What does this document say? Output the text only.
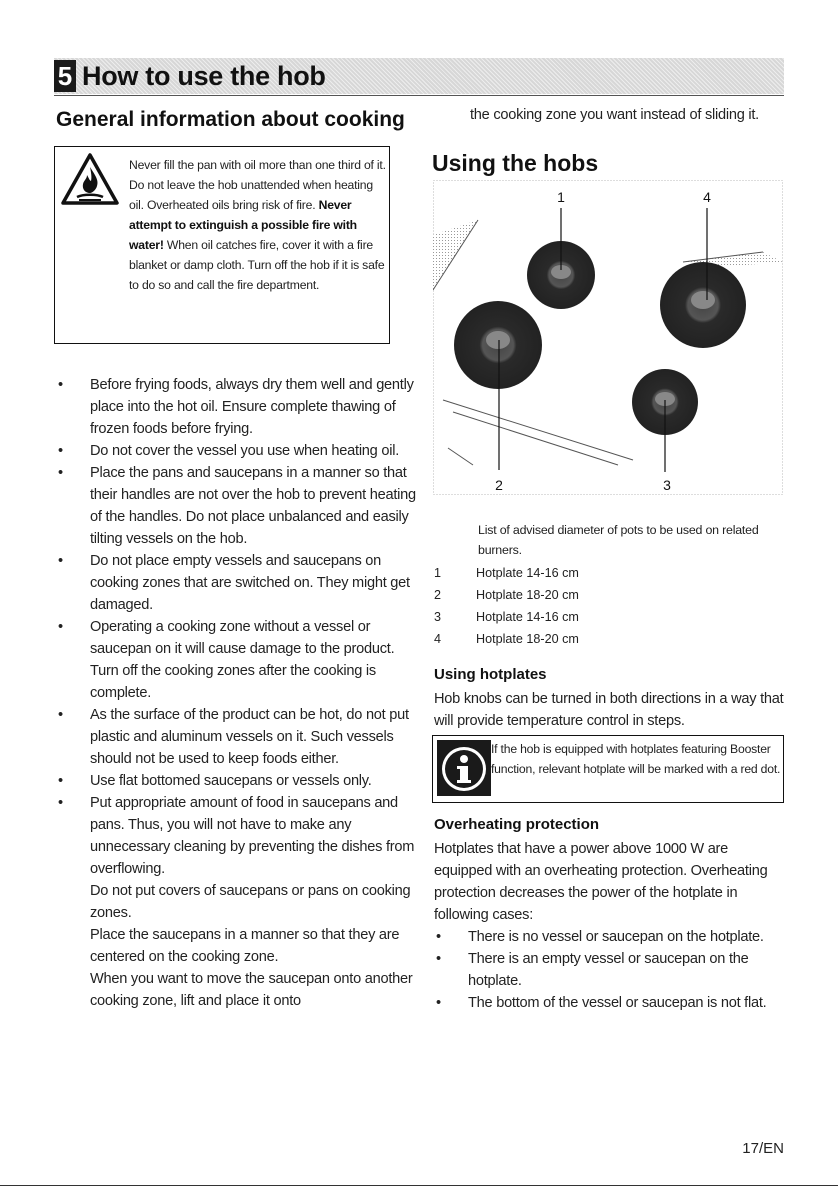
5 How to use the hob
General information about cooking
Never fill the pan with oil more than one third of it. Do not leave the hob unattended when heating oil. Overheated oils bring risk of fire. Never attempt to extinguish a possible fire with water! When oil catches fire, cover it with a fire blanket or damp cloth. Turn off the hob if it is safe to do so and call the fire department.
• Before frying foods, always dry them well and gently place into the hot oil. Ensure complete thawing of frozen foods before frying.
• Do not cover the vessel you use when heating oil.
• Place the pans and saucepans in a manner so that their handles are not over the hob to prevent heating of the handles. Do not place unbalanced and easily tilting vessels on the hob.
• Do not place empty vessels and saucepans on cooking zones that are switched on. They might get damaged.
• Operating a cooking zone without a vessel or saucepan on it will cause damage to the product. Turn off the cooking zones after the cooking is complete.
• As the surface of the product can be hot, do not put plastic and aluminum vessels on it. Such vessels should not be used to keep foods either.
• Use flat bottomed saucepans or vessels only.
• Put appropriate amount of food in saucepans and pans. Thus, you will not have to make any unnecessary cleaning by preventing the dishes from overflowing.
Do not put covers of saucepans or pans on cooking zones.
Place the saucepans in a manner so that they are centered on the cooking zone.
When you want to move the saucepan onto another cooking zone, lift and place it onto
the cooking zone you want instead of sliding it.
Using the hobs
1	4
2	3
List of advised diameter of pots to be used on related burners.
1	Hotplate 14-16 cm
2	Hotplate 18-20 cm
3	Hotplate 14-16 cm
4	Hotplate 18-20 cm
Using hotplates
Hob knobs can be turned in both directions in a way that will provide temperature control in steps.
If the hob is equipped with hotplates featuring Booster function, relevant hotplate will be marked with a red dot.
Overheating protection
Hotplates that have a power above 1000 W are equipped with an overheating protection. Overheating protection decreases the power of the hotplate in following cases:
• There is no vessel or saucepan on the hotplate.
• There is an empty vessel or saucepan on the hotplate.
• The bottom of the vessel or saucepan is not flat.
17/EN
